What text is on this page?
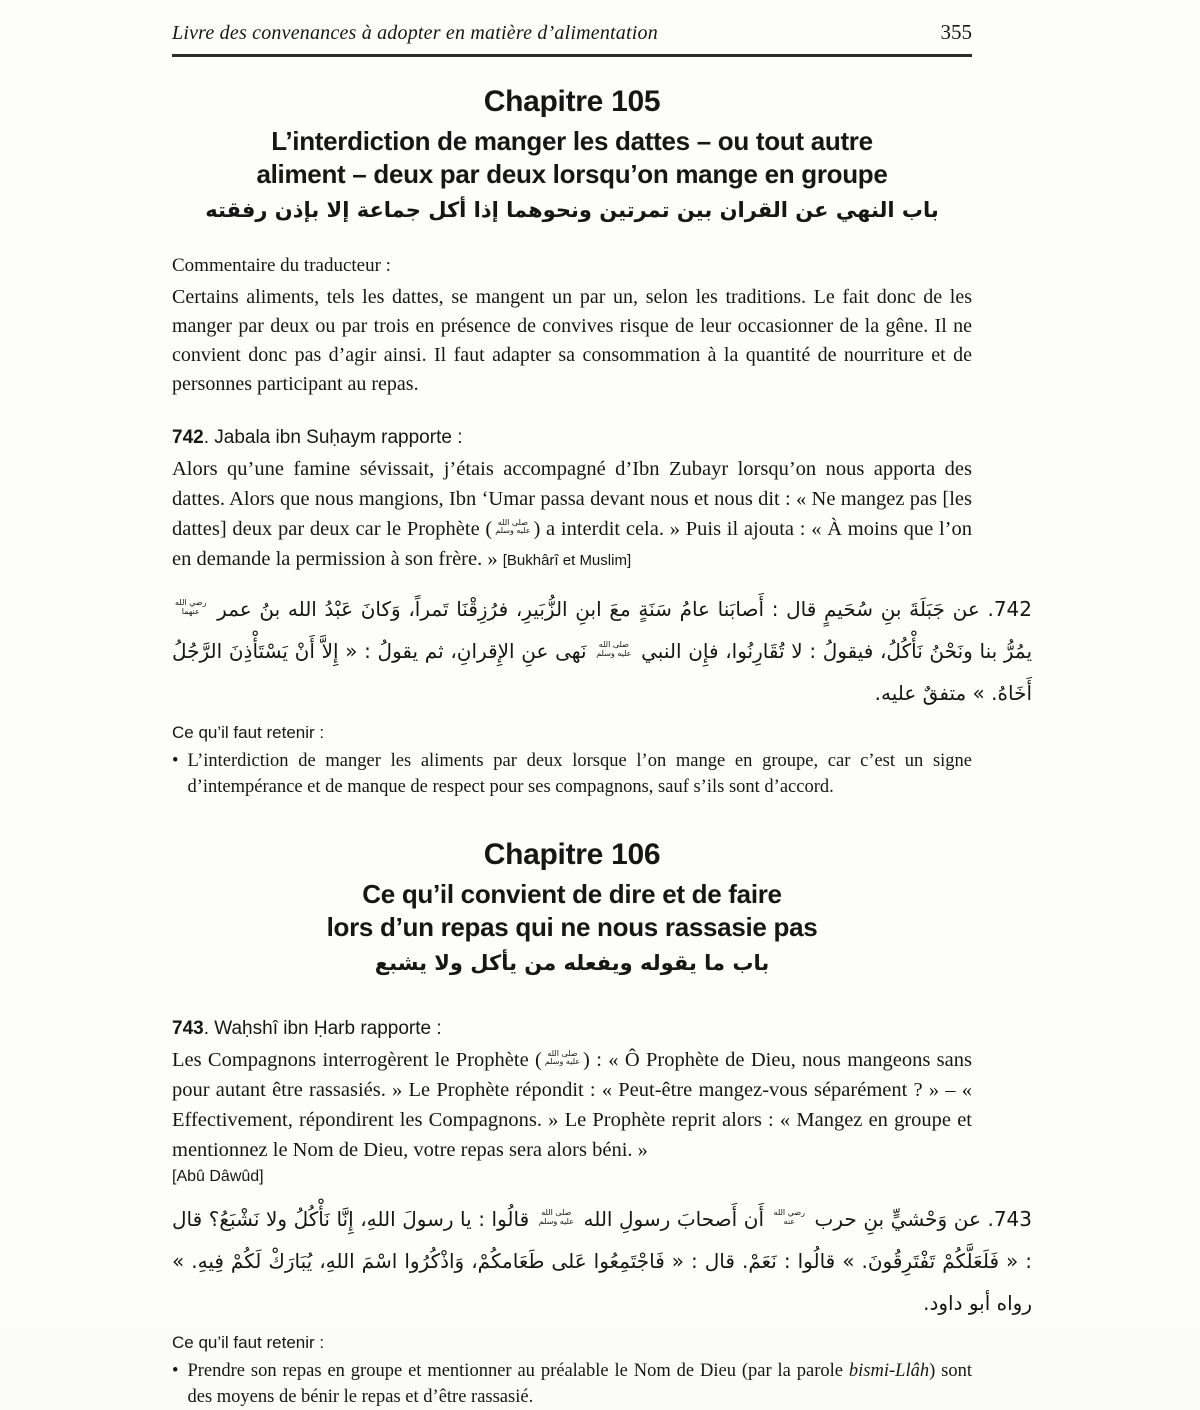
Livre des convenances à adopter en matière d’alimentation	355
Chapitre 105
L’interdiction de manger les dattes – ou tout autre
aliment – deux par deux lorsqu’on mange en groupe
باب النهي عن القران بين تمرتين ونحوهما إذا أكل جماعة إلا بإذن رفقته
Commentaire du traducteur :
Certains aliments, tels les dattes, se mangent un par un, selon les traditions. Le fait donc de les manger par deux ou par trois en présence de convives risque de leur occasionner de la gêne. Il ne convient donc pas d’agir ainsi. Il faut adapter sa consommation à la quantité de nourriture et de personnes participant au repas.
742. Jabala ibn Suḥaym rapporte :
Alors qu’une famine sévissait, j’étais accompagné d’Ibn Zubayr lorsqu’on nous apporta des dattes. Alors que nous mangions, Ibn ‘Umar passa devant nous et nous dit : « Ne mangez pas [les dattes] deux par deux car le Prophète ( صلى الله
عليه وسلم ) a interdit cela. » Puis il ajouta : « À moins que l’on en demande la permission à son frère. » [Bukhârî et Muslim]
742. عن جَبَلَةَ بنِ سُحَيمٍ قال : أَصابَنا عامُ سَنَةٍ معَ ابنِ الزُّبَيرِ، فرُزِقْنَا تَمراً، وَكانَ عَبْدُ الله بنُ عمر
رضي الله
عنهما
يمُرُّ بنا ونَحْنُ نَأْكُلُ، فيقولُ : لا تُقَارِنُوا، فإِن النبي
صلى الله
عليه وسلم
نَهى عنِ الإِقرانِ، ثم يقولُ : « إِلاَّ أَنْ يَسْتَأْذِنَ الرَّجُلُ أَخَاهُ. » متفقٌ عليه.
Ce qu’il faut retenir :
• L’interdiction de manger les aliments par deux lorsque l’on mange en groupe, car c’est un signe d’intempérance et de manque de respect pour ses compagnons, sauf s’ils sont d’accord.
Chapitre 106
Ce qu’il convient de dire et de faire
lors d’un repas qui ne nous rassasie pas
باب ما يقوله ويفعله من يأكل ولا يشبع
743. Waḥshî ibn Ḥarb rapporte :
Les Compagnons interrogèrent le Prophète ( صلى الله
عليه وسلم ) : « Ô Prophète de Dieu, nous mangeons sans pour autant être rassasiés. » Le Prophète répondit : « Peut-être mangez-vous séparément ? » – « Effectivement, répondirent les Compagnons. » Le Prophète reprit alors : « Mangez en groupe et mentionnez le Nom de Dieu, votre repas sera alors béni. »
[Abû Dâwûd]
743. عن وَحْشيٍّ بنِ حرب
رضي الله
عنه
أَن أَصحابَ رسولِ الله
صلى الله
عليه وسلم
قالُوا : يا رسولَ اللهِ، إِنَّا نَأْكُلُ ولا نَشْبَعُ؟ قال : « فَلَعَلَّكُمْ تَفْتَرِقُونَ. » قالُوا : نَعَمْ. قال : « فَاجْتَمِعُوا عَلى طَعَامكُمْ، وَاذْكُرُوا اسْمَ اللهِ، يُبَارَكْ لَكُمْ فِيهِ. » رواه أبو داود.
Ce qu’il faut retenir :
• Prendre son repas en groupe et mentionner au préalable le Nom de Dieu (par la parole bismi-Llâh) sont des moyens de bénir le repas et d’être rassasié.
